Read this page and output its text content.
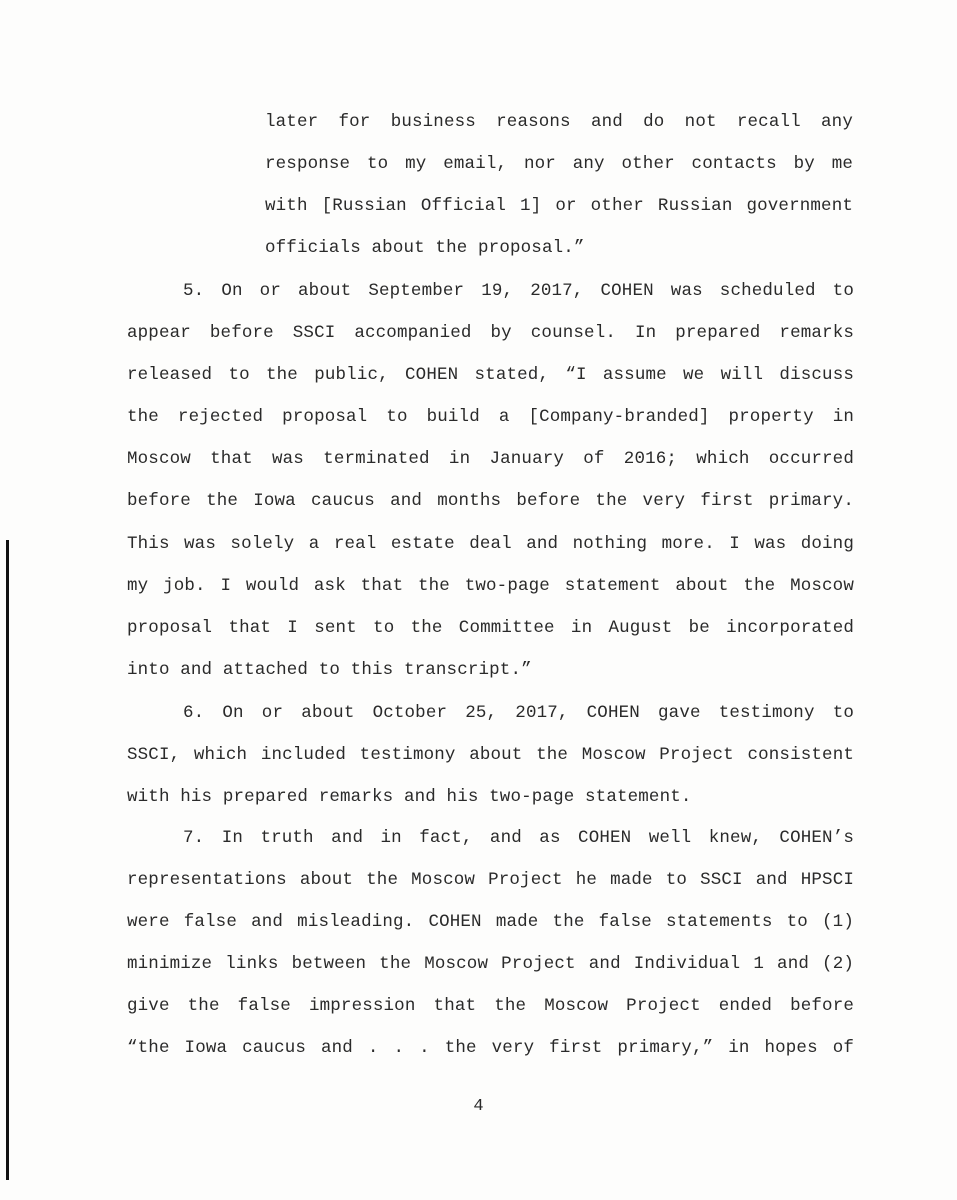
later for business reasons and do not recall any
response to my email, nor any other contacts by me
with [Russian Official 1] or other Russian government
officials about the proposal.”
5. On or about September 19, 2017, COHEN was scheduled to
appear before SSCI accompanied by counsel. In prepared remarks
released to the public, COHEN stated, “I assume we will discuss
the rejected proposal to build a [Company-branded] property in
Moscow that was terminated in January of 2016; which occurred
before the Iowa caucus and months before the very first primary.
This was solely a real estate deal and nothing more. I was doing
my job. I would ask that the two-page statement about the Moscow
proposal that I sent to the Committee in August be incorporated
into and attached to this transcript.”
6. On or about October 25, 2017, COHEN gave testimony to
SSCI, which included testimony about the Moscow Project consistent
with his prepared remarks and his two-page statement.
7. In truth and in fact, and as COHEN well knew, COHEN’s
representations about the Moscow Project he made to SSCI and HPSCI
were false and misleading. COHEN made the false statements to (1)
minimize links between the Moscow Project and Individual 1 and (2)
give the false impression that the Moscow Project ended before
“the Iowa caucus and . . . the very first primary,” in hopes of
4
